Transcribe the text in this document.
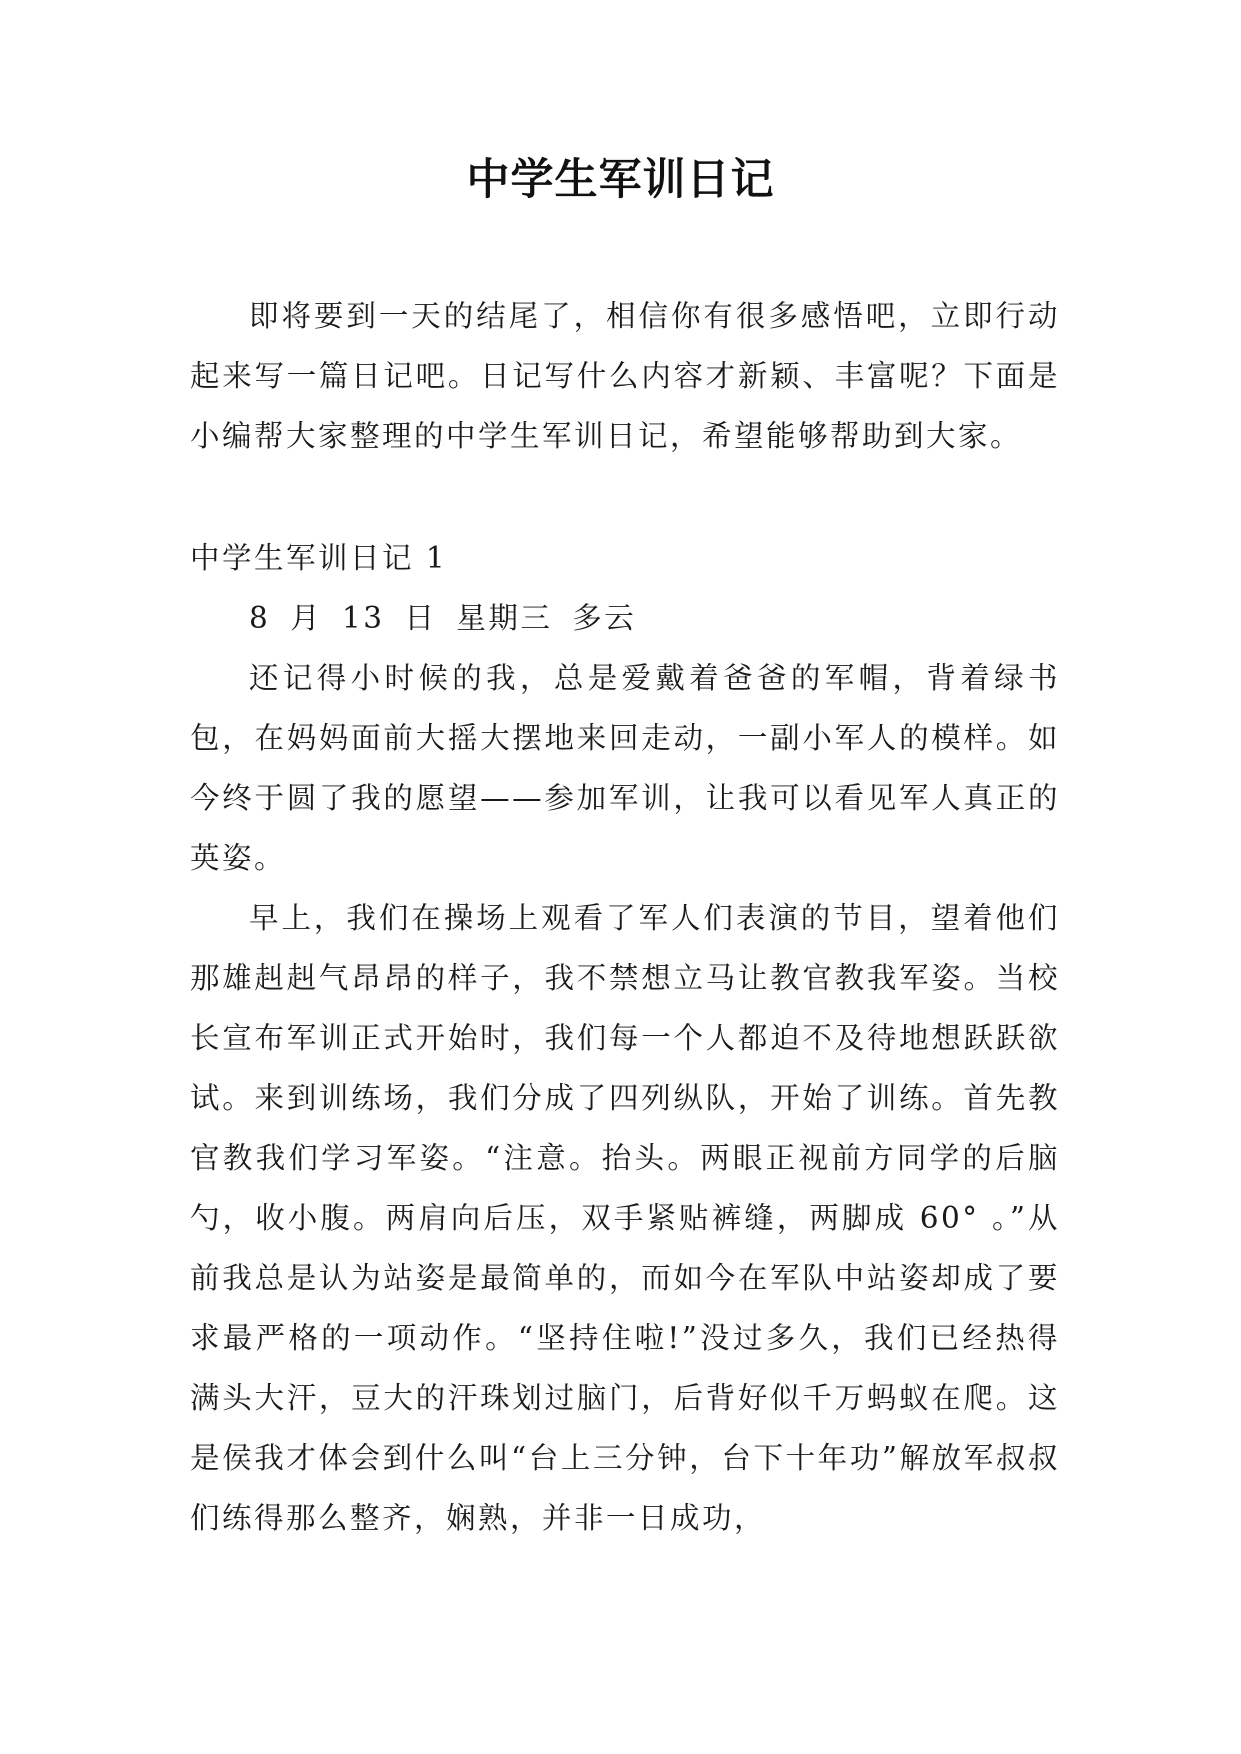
中学生军训日记

即将要到一天的结尾了，相信你有很多感悟吧，立即行动起来写一篇日记吧。日记写什么内容才新颖、丰富呢？下面是小编帮大家整理的中学生军训日记，希望能够帮助到大家。

中学生军训日记 1

8 月 13 日 星期三 多云

还记得小时候的我，总是爱戴着爸爸的军帽，背着绿书包，在妈妈面前大摇大摆地来回走动，一副小军人的模样。如今终于圆了我的愿望——参加军训，让我可以看见军人真正的英姿。

早上，我们在操场上观看了军人们表演的节目，望着他们那雄赳赳气昂昂的样子，我不禁想立马让教官教我军姿。当校长宣布军训正式开始时，我们每一个人都迫不及待地想跃跃欲试。来到训练场，我们分成了四列纵队，开始了训练。首先教官教我们学习军姿。“注意。抬头。两眼正视前方同学的后脑勺，收小腹。两肩向后压，双手紧贴裤缝，两脚成 60° 。”从前我总是认为站姿是最简单的，而如今在军队中站姿却成了要求最严格的一项动作。“坚持住啦!”没过多久，我们已经热得满头大汗，豆大的汗珠划过脑门，后背好似千万蚂蚁在爬。这是侯我才体会到什么叫“台上三分钟，台下十年功”解放军叔叔们练得那么整齐，娴熟，并非一日成功，
